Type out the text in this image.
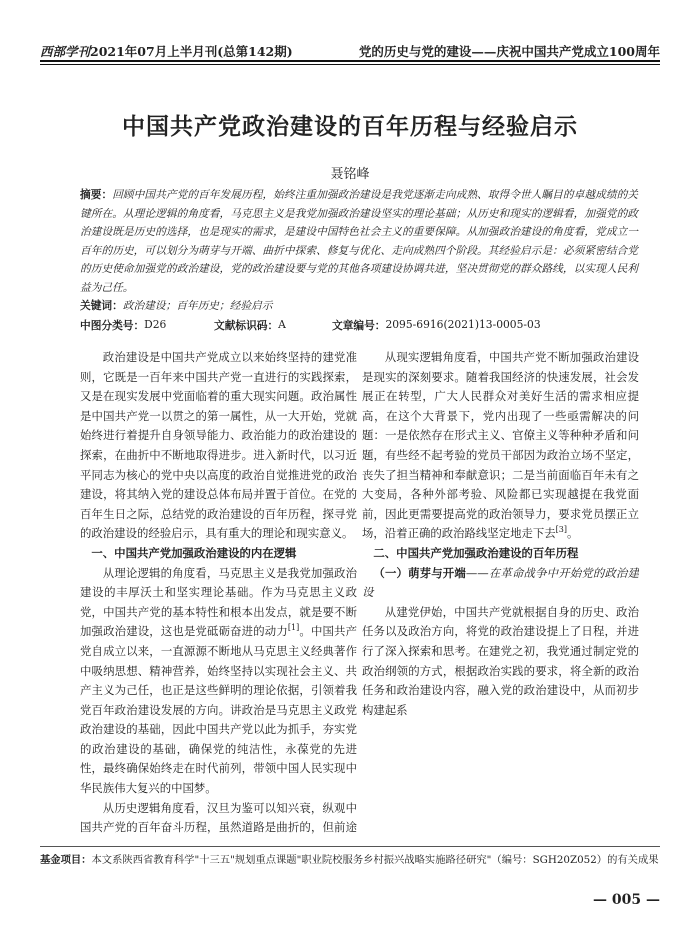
西部学刊2021年07月上半月刊(总第142期)	党的历史与党的建设——庆祝中国共产党成立100周年
中国共产党政治建设的百年历程与经验启示
聂铭峰
摘要：回顾中国共产党的百年发展历程，始终注重加强政治建设是我党逐渐走向成熟、取得令世人瞩目的卓越成绩的关键所在。从理论逻辑的角度看，马克思主义是我党加强政治建设坚实的理论基础；从历史和现实的逻辑看，加强党的政治建设既是历史的选择，也是现实的需求，是建设中国特色社会主义的重要保障。从加强政治建设的角度看，党成立一百年的历史，可以划分为萌芽与开端、曲折中探索、修复与优化、走向成熟四个阶段。其经验启示是：必须紧密结合党的历史使命加强党的政治建设，党的政治建设要与党的其他各项建设协调共进，坚决贯彻党的群众路线，以实现人民利益为己任。
关键词：政治建设；百年历史；经验启示
中图分类号： D26	文献标识码： A	文章编号： 2095-6916(2021)13-0005-03

政治建设是中国共产党成立以来始终坚持的建党准则，它既是一百年来中国共产党一直进行的实践探索，又是在现实发展中党面临着的重大现实问题。政治属性是中国共产党一以贯之的第一属性，从一大开始，党就始终进行着提升自身领导能力、政治能力的政治建设的探索，在曲折中不断地取得进步。进入新时代，以习近平同志为核心的党中央以高度的政治自觉推进党的政治建设，将其纳入党的建设总体布局并置于首位。在党的百年生日之际，总结党的政治建设的百年历程，探寻党的政治建设的经验启示，具有重大的理论和现实意义。

一、中国共产党加强政治建设的内在逻辑

从理论逻辑的角度看，马克思主义是我党加强政治建设的丰厚沃土和坚实理论基础。作为马克思主义政党，中国共产党的基本特性和根本出发点，就是要不断加强政治建设，这也是党砥砺奋进的动力[1]。中国共产党自成立以来，一直源源不断地从马克思主义经典著作中吸纳思想、精神营养，始终坚持以实现社会主义、共产主义为己任，也正是这些鲜明的理论依据，引领着我党百年政治建设发展的方向。讲政治是马克思主义政党政治建设的基础，因此中国共产党以此为抓手，夯实党的政治建设的基础，确保党的纯洁性，永葆党的先进性，最终确保始终走在时代前列，带领中国人民实现中华民族伟大复兴的中国梦。

从历史逻辑角度看，汉旦为鉴可以知兴衰，纵观中国共产党的百年奋斗历程，虽然道路是曲折的，但前途

从现实逻辑角度看，中国共产党不断加强政治建设是现实的深刻要求。随着我国经济的快速发展，社会发展正在转型，广大人民群众对美好生活的需求相应提高，在这个大背景下，党内出现了一些亟需解决的问题：一是依然存在形式主义、官僚主义等种种矛盾和问题，有些经不起考验的党员干部因为政治立场不坚定，丧失了担当精神和奉献意识；二是当前面临百年未有之大变局，各种外部考验、风险都已实现越提在我党面前，因此更需要提高党的政治领导力，要求党员摆正立场，沿着正确的政治路线坚定地走下去[3]。

二、中国共产党加强政治建设的百年历程
（一）萌芽与开端——在革命战争中开始党的政治建设

从建党伊始，中国共产党就根据自身的历史、政治任务以及政治方向，将党的政治建设提上了日程，并进行了深入探索和思考。在建党之初，我党通过制定党的政治纲领的方式，根据政治实践的要求，将全新的政治任务和政治建设内容，融入党的政治建设中，从而初步构建起系

基金项目：本文系陕西省教育科学"十三五"规划重点课题"职业院校服务乡村振兴战略实施路径研究"（编号：SGH20Z052）的有关成果
— 005 —
